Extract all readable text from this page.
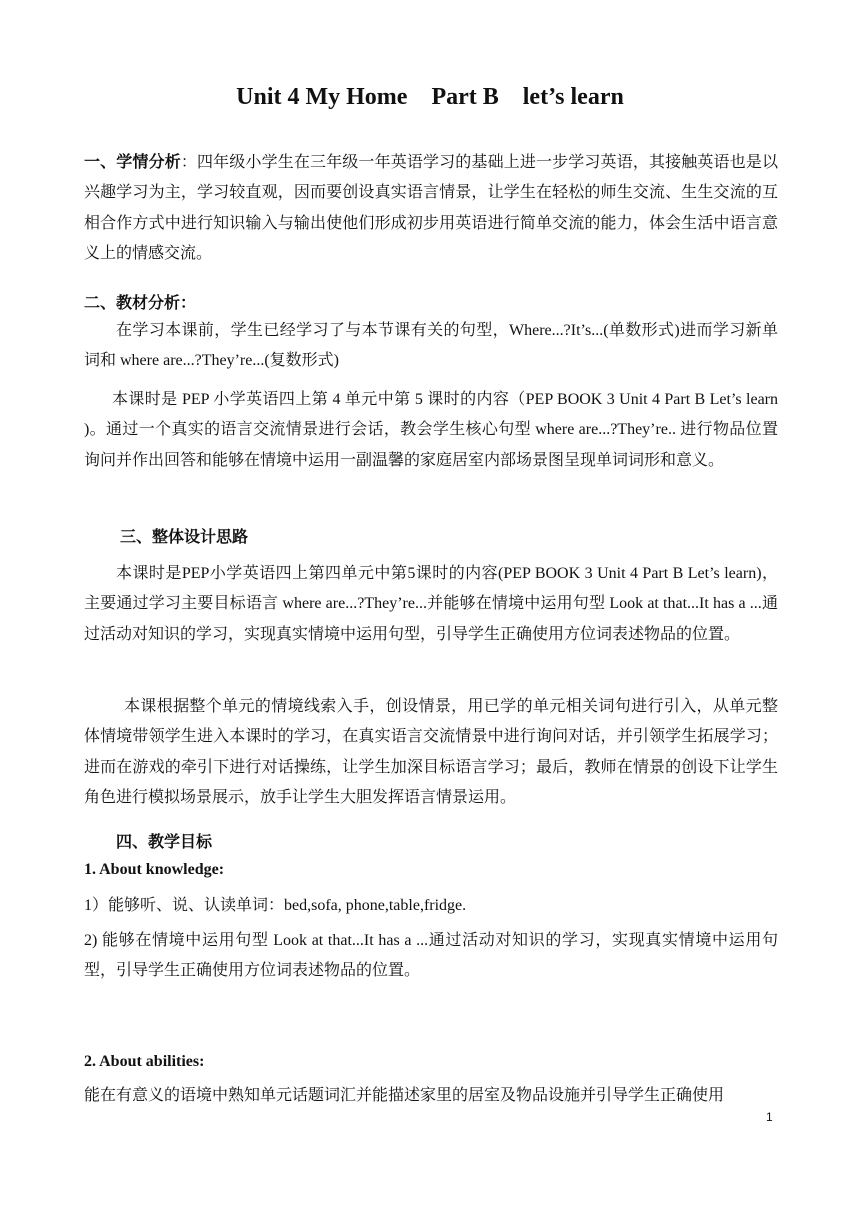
Unit 4 My Home    Part B    let’s learn

一、学情分析：四年级小学生在三年级一年英语学习的基础上进一步学习英语，其接触英语也是以兴趣学习为主，学习较直观，因而要创设真实语言情景，让学生在轻松的师生交流、生生交流的互相合作方式中进行知识输入与输出使他们形成初步用英语进行简单交流的能力，体会生活中语言意义上的情感交流。

二、教材分析：

在学习本课前，学生已经学习了与本节课有关的句型，Where...?It’s...(单数形式)进而学习新单词和 where are...?They’re...(复数形式)

本课时是 PEP 小学英语四上第 4 单元中第 5 课时的内容（PEP BOOK 3 Unit 4 Part B Let’s learn )。通过一个真实的语言交流情景进行会话，教会学生核心句型 where are...?They’re.. 进行物品位置询问并作出回答和能够在情境中运用一副温馨的家庭居室内部场景图呈现单词词形和意义。

三、整体设计思路

本课时是PEP小学英语四上第四单元中第5课时的内容(PEP BOOK 3 Unit 4 Part B Let’s learn)，主要通过学习主要目标语言 where are...?They’re...并能够在情境中运用句型 Look at that...It has a ...通过活动对知识的学习，实现真实情境中运用句型，引导学生正确使用方位词表述物品的位置。

本课根据整个单元的情境线索入手，创设情景，用已学的单元相关词句进行引入，从单元整体情境带领学生进入本课时的学习，在真实语言交流情景中进行询问对话，并引领学生拓展学习；进而在游戏的牵引下进行对话操练，让学生加深目标语言学习；最后，教师在情景的创设下让学生角色进行模拟场景展示，放手让学生大胆发挥语言情景运用。

四、教学目标
1. About knowledge:
1）能够听、说、认读单词：bed,sofa, phone,table,fridge.

2) 能够在情境中运用句型 Look at that...It has a ...通过活动对知识的学习，实现真实情境中运用句型，引导学生正确使用方位词表述物品的位置。

2. About abilities:
能在有意义的语境中熟知单元话题词汇并能描述家里的居室及物品设施并引导学生正确使用
1
